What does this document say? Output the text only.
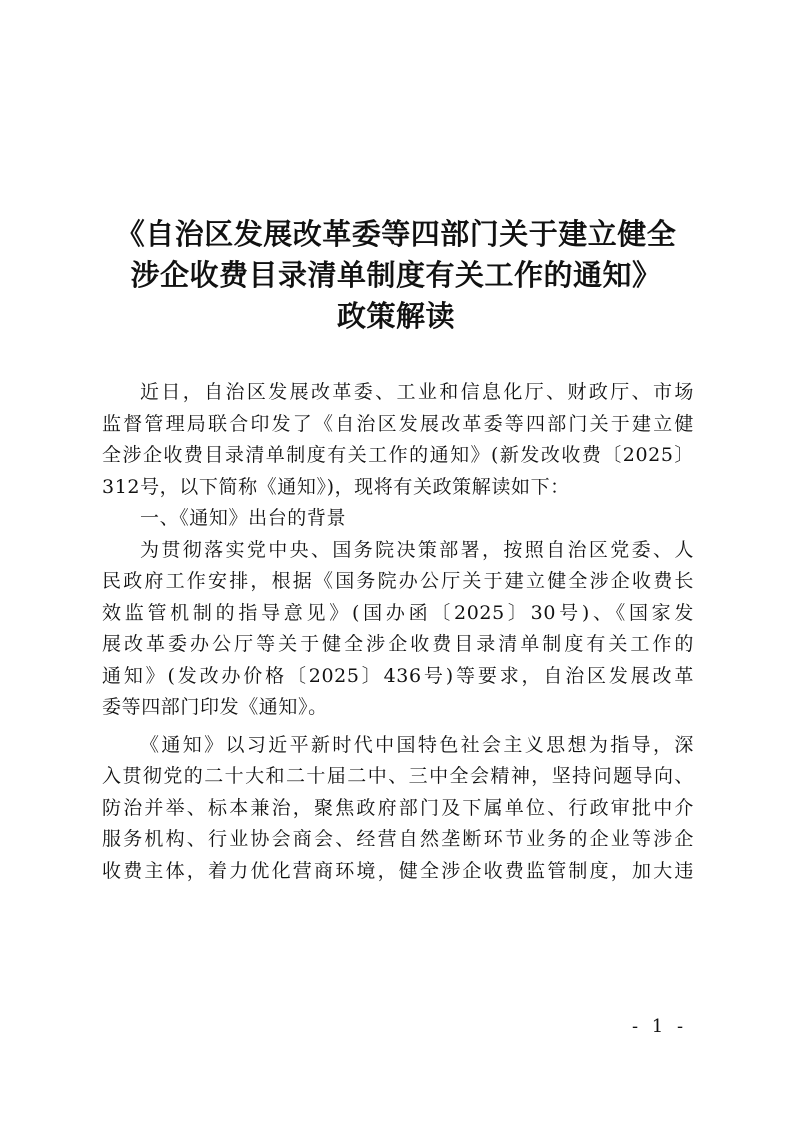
《自治区发展改革委等四部门关于建立健全
涉企收费目录清单制度有关工作的通知》
政策解读
近日，自治区发展改革委、工业和信息化厅、财政厅、市场
监督管理局联合印发了《自治区发展改革委等四部门关于建立健
全涉企收费目录清单制度有关工作的通知》(新发改收费〔2025〕
312号，以下简称《通知》)，现将有关政策解读如下：
一、《通知》出台的背景
为贯彻落实党中央、国务院决策部署，按照自治区党委、人
民政府工作安排，根据《国务院办公厅关于建立健全涉企收费长
效监管机制的指导意见》(国办函〔2025〕30号)、《国家发
展改革委办公厅等关于健全涉企收费目录清单制度有关工作的
通知》(发改办价格〔2025〕436号)等要求，自治区发展改革
委等四部门印发《通知》。
《通知》以习近平新时代中国特色社会主义思想为指导，深
入贯彻党的二十大和二十届二中、三中全会精神，坚持问题导向、
防治并举、标本兼治，聚焦政府部门及下属单位、行政审批中介
服务机构、行业协会商会、经营自然垄断环节业务的企业等涉企
收费主体，着力优化营商环境，健全涉企收费监管制度，加大违
- 1 -
